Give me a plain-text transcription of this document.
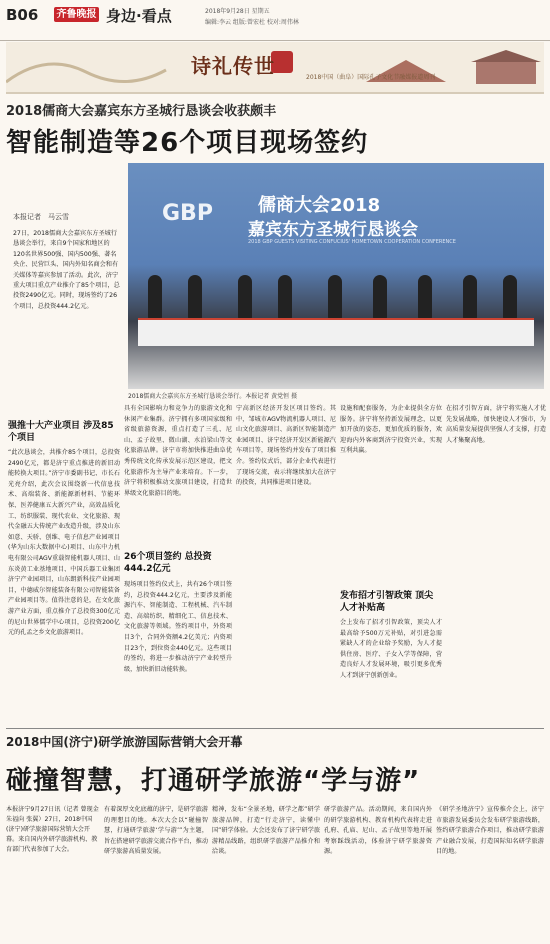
B06 齐鲁晚报 身边·看点	2018年9月28日 星期五
编辑:李云 组版:曾宏杜 校对:周伟林
诗礼传世	2018中国（曲阜）国际孔子文化节融媒报道周刊
2018儒商大会嘉宾东方圣城行恳谈会收获颇丰
智能制造等26个项目现场签约
本报记者　马云雪
27日，2018儒商大会嘉宾东方圣城行恳谈会举行，来自9个国家和地区的120名世界500强、国内500强、著名央企、民营巨头、国内外知名商会和有关媒体等嘉宾参加了活动。此次，济宁重大项目重点产业推介了85个项目，总投资2490亿元。同时，现场签约了26个项目，总投资444.2亿元。
GBP	儒商大会2018
嘉宾东方圣城行恳谈会
2018 GBP GUESTS VISITING CONFUCIUS' HOMETOWN COOPERATION CONFERENCE
2018儒商大会嘉宾东方圣城行恳谈会举行。本报记者 黄党恒 摄
强推十大产业项目 涉及85个项目
“此次恳谈会，共推介85个项目，总投资2490亿元，都是济宁重点推进的新旧动能转换大项目。”济宁市委副书记、市长石光亮介绍，此次会议围绕新一代信息技术、高端装备、新能源新材料、节能环保、医养健康五大新兴产业，高效品质化工、纺织服装、现代农业、文化旅游、现代金融五大传统产业改造升级，涉及山东如意、天骄、创维、电子信息产业园项目(华为山东大数据中心)项目、山东中力机电有限公司AGV重载智能机器人项目、山东炎黄工业基地项目、中国兵器工业集团济宁产业园项目，山东朗新科技产业园项目，中德威尔智能装备有限公司智能装备产业园项目等。值得注意的是，在文化旅游产业方面，重点推介了总投资300亿元的尼山世界儒学中心项目，总投资200亿元的孔孟之乡文化旅游项目。
具有全国影响力和竞争力的旅游文化和休闲产业集群。济宁拥有多项国家级和省级旅游资源，重点打造了三孔、尼山、孟子故里、微山湖、水泊梁山等文化旅游品牌。济宁市将加快推进曲阜优秀传统文化传承发展示范区建设，把文化旅游作为主导产业来培育。下一步，济宁将积极推动文旅项目建设，打造世界级文化旅游目的地。
26个项目签约 总投资444.2亿元
现场项目签约仪式上，共有26个项目签约，总投资444.2亿元，主要涉及新能源汽车、智能制造、工程机械、汽车制造、高端纺织、精细化工、信息技术、文化旅游等领域。签约项目中，外资项目3个，合同外资额4.2亿美元；内资项目23个，到位资金440亿元。这些项目的签约，将进一步推动济宁产业转型升级，加快新旧动能转换。
宁高新区经济开发区项目签约。其中，邹城市AGV物流机器人项目、尼山文化旅游项目、高新区智能制造产业园项目、济宁经济开发区新能源汽车项目等，现场签约并发布了项目推介。签约仪式后，部分企业代表进行了现场交流，表示将继续加大在济宁的投资，共同推进项目建设。
设施和配套服务，为企业提供全方位服务。济宁将坚持新发展理念，以更加开放的姿态，更加优质的服务，欢迎海内外客商到济宁投资兴业，实现互利共赢。
发布招才引智政策 顶尖人才补贴高
会上发布了招才引智政策，顶尖人才最高给予500万元补贴，对引进急需紧缺人才的企业给予奖励，为人才提供住房、医疗、子女入学等保障，营造良好人才发展环境，吸引更多优秀人才到济宁创新创业。
在招才引智方面，济宁将实施人才优先发展战略，加快建设人才强市，为高质量发展提供坚强人才支撑，打造人才集聚高地。
2018中国(济宁)研学旅游国际营销大会开幕
碰撞智慧，打通研学旅游“学与游”
本报济宁9月27日讯（记者 曾现金 朱福向 张翼）27日，2018中国(济宁)研学旅游国际营销大会开幕。来自国内外研学旅游机构、教育部门代表参加了大会。
有着深厚文化底蕴的济宁，是研学旅游的理想目的地。本次大会以“碰撞智慧，打通研学旅游‘学与游’”为主题，旨在搭建研学旅游交流合作平台，推动研学旅游高质量发展。
精神，发布“全景圣地，研学之都”研学旅游品牌，打造“行走济宁，读懂中国”研学体验。大会还发布了济宁研学旅游精品线路，组织研学旅游产品推介和洽谈。
研学旅游产品。活动期间，来自国内外的研学旅游机构、教育机构代表将走进孔府、孔庙、尼山、孟子故里等地开展考察踩线活动，体验济宁研学旅游资源。
《研学圣地济宁》宣传推介会上，济宁市旅游发展委员会发布研学旅游线路，签约研学旅游合作项目，推动研学旅游产业融合发展，打造国际知名研学旅游目的地。
